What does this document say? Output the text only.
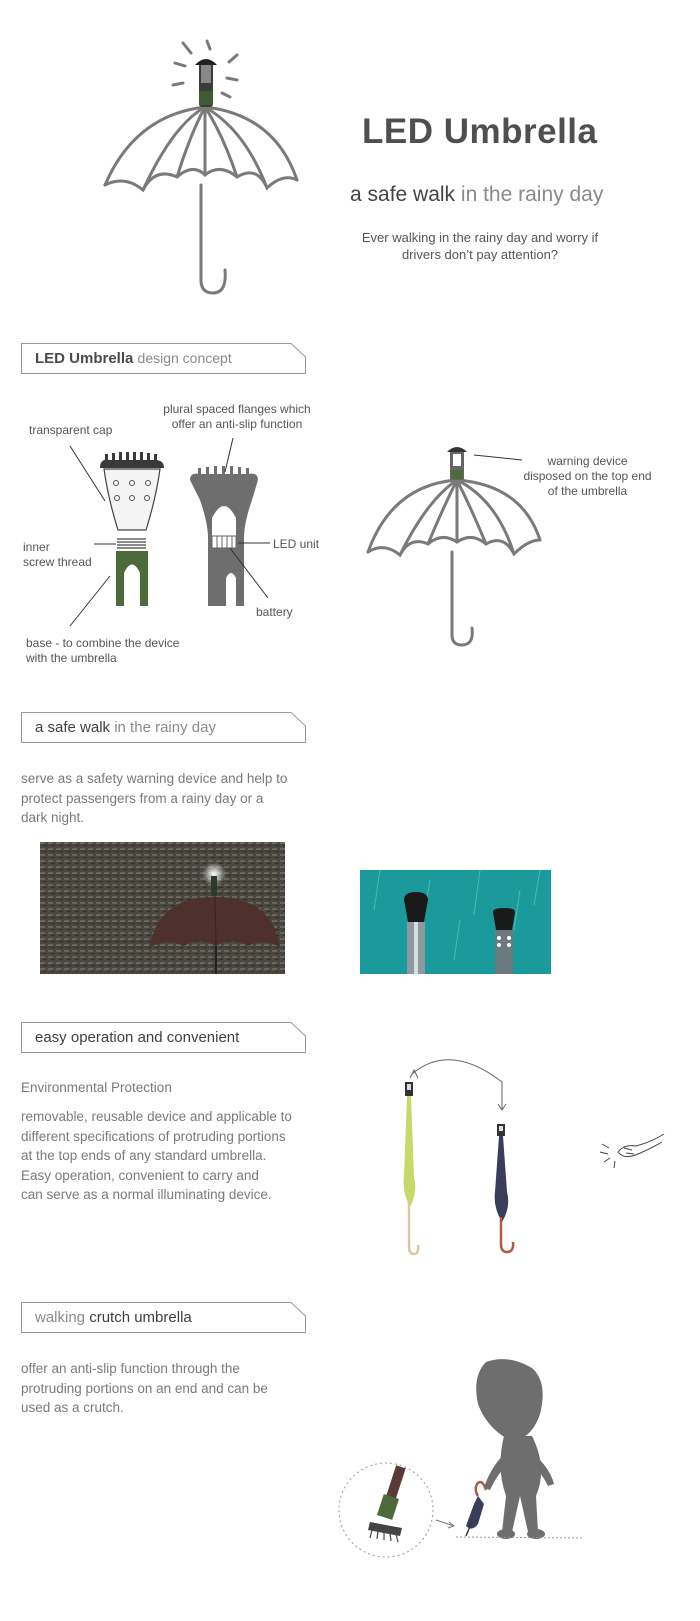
LED Umbrella
a safe walk in the rainy day
Ever walking in the rainy day and worry if drivers don’t pay attention?
LED Umbrella design concept
transparent cap
plural spaced flanges which
offer an anti-slip function
inner
screw thread
LED unit
battery
base - to combine the device
with the umbrella
warning device
disposed on the top end
of the umbrella
a safe walk in the rainy day
serve as a safety warning device and help to
protect passengers from a rainy day or a
dark night.
easy operation and convenient
Environmental Protection
removable, reusable device and applicable to
different specifications of protruding portions
at the top ends of any standard umbrella.
Easy operation, convenient to carry and
can serve as a normal illuminating device.
walking crutch umbrella
offer an anti-slip function through the
protruding portions on an end and can be
used as a crutch.
